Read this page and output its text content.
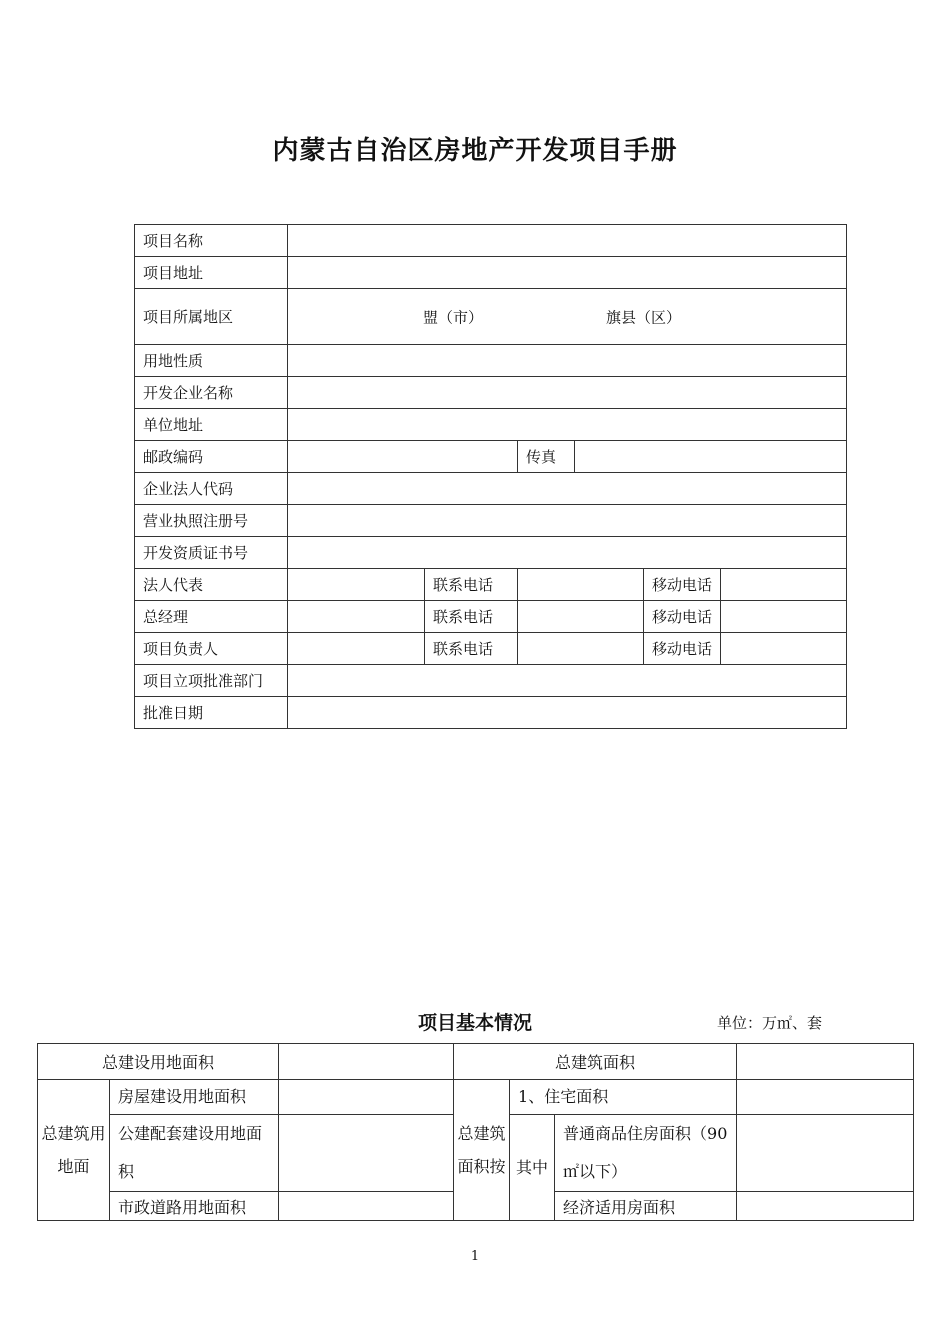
内蒙古自治区房地产开发项目手册
项目名称						
项目地址						
项目所属地区	盟（市） 旗县（区）					

用地性质						
开发企业名称						
单位地址						
邮政编码			传真			
企业法人代码						
营业执照注册号						
开发资质证书号						
法人代表		联系电话			移动电话	
总经理		联系电话			移动电话	
项目负责人		联系电话			移动电话	
项目立项批准部门						
批准日期						
项目基本情况	单位：万㎡、套
总建设用地面积			总建筑面积			
总建筑用地面	房屋建设用地面积		总建筑面积按	1、住宅面积		
	公建配套建设用地面积			其中	普通商品住房面积（90㎡以下）	
	市政道路用地面积				经济适用房面积	
1
